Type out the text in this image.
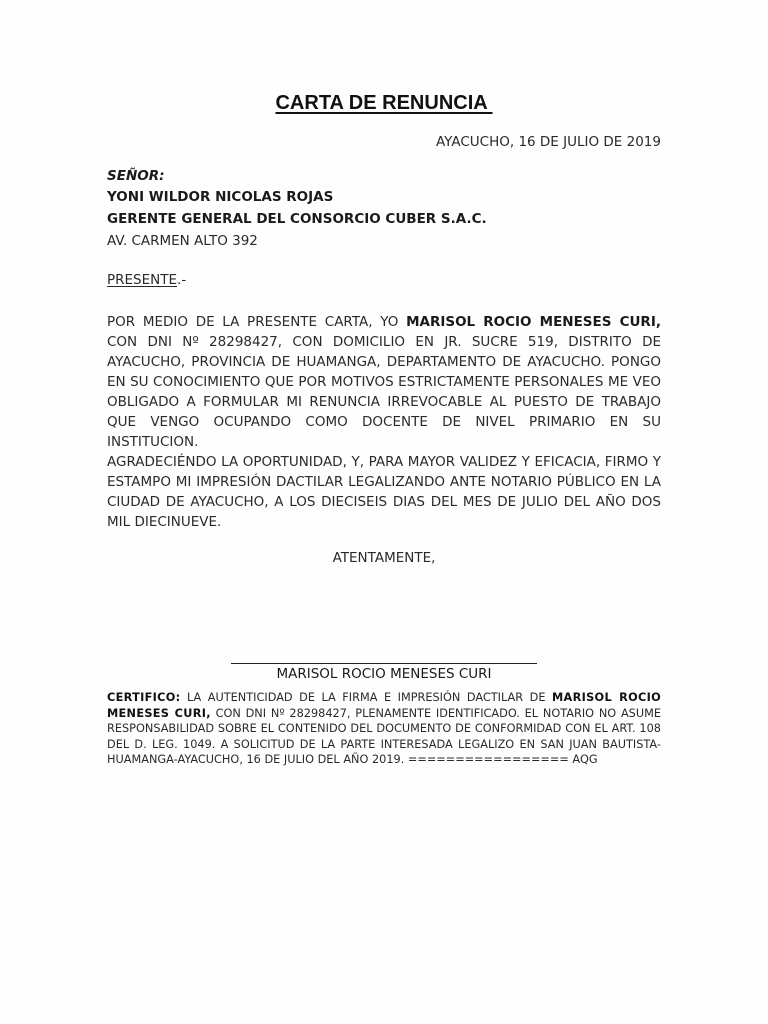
CARTA DE RENUNCIA
AYACUCHO, 16 DE JULIO DE 2019
SEÑOR:
YONI WILDOR NICOLAS ROJAS
GERENTE GENERAL DEL CONSORCIO CUBER S.A.C.
AV. CARMEN ALTO 392
PRESENTE.-

POR MEDIO DE LA PRESENTE CARTA, YO MARISOL ROCIO MENESES CURI, CON DNI Nº 28298427, CON DOMICILIO EN JR. SUCRE 519, DISTRITO DE AYACUCHO, PROVINCIA DE HUAMANGA, DEPARTAMENTO DE AYACUCHO. PONGO EN SU CONOCIMIENTO QUE POR MOTIVOS ESTRICTAMENTE PERSONALES ME VEO OBLIGADO A FORMULAR MI RENUNCIA IRREVOCABLE AL PUESTO DE TRABAJO QUE VENGO OCUPANDO COMO DOCENTE DE NIVEL PRIMARIO EN SU INSTITUCION.

AGRADECIÉNDO LA OPORTUNIDAD, Y, PARA MAYOR VALIDEZ Y EFICACIA, FIRMO Y ESTAMPO MI IMPRESIÓN DACTILAR LEGALIZANDO ANTE NOTARIO PÚBLICO EN LA CIUDAD DE AYACUCHO, A LOS DIECISEIS DIAS DEL MES DE JULIO DEL AÑO DOS MIL DIECINUEVE.

ATENTAMENTE,
MARISOL ROCIO MENESES CURI

CERTIFICO: LA AUTENTICIDAD DE LA FIRMA E IMPRESIÓN DACTILAR DE MARISOL ROCIO MENESES CURI, CON DNI Nº 28298427, PLENAMENTE IDENTIFICADO. EL NOTARIO NO ASUME RESPONSABILIDAD SOBRE EL CONTENIDO DEL DOCUMENTO DE CONFORMIDAD CON EL ART. 108 DEL D. LEG. 1049. A SOLICITUD DE LA PARTE INTERESADA LEGALIZO EN SAN JUAN BAUTISTA-HUAMANGA-AYACUCHO, 16 DE JULIO DEL AÑO 2019. ================= AQG
